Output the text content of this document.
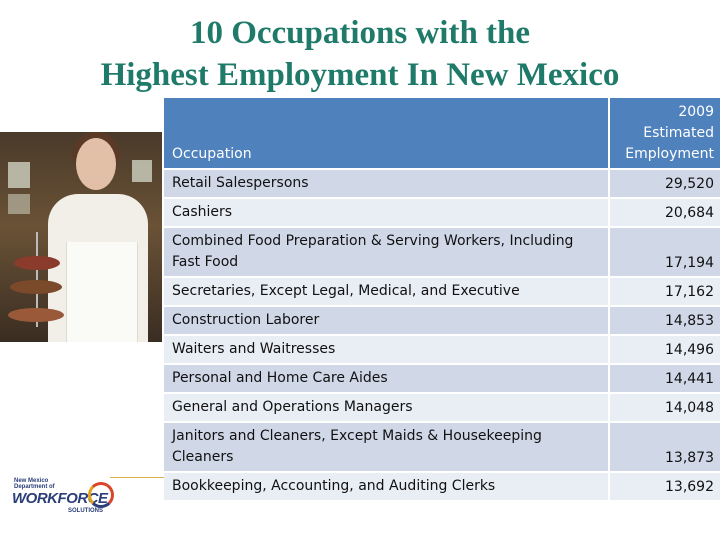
10 Occupations with the
Highest Employment In New Mexico
Occupation	2009
Estimated
Employment

Retail Salespersons	29,520
Cashiers	20,684
Combined Food Preparation & Serving Workers, Including Fast Food	17,194
Secretaries, Except Legal, Medical, and Executive	17,162
Construction Laborer	14,853
Waiters and Waitresses	14,496
Personal and Home Care Aides	14,441
General and Operations Managers	14,048
Janitors and Cleaners, Except Maids & Housekeeping Cleaners	13,873
Bookkeeping, Accounting, and Auditing Clerks	13,692
New Mexico
Department of
WORKFORCE
SOLUTIONS
